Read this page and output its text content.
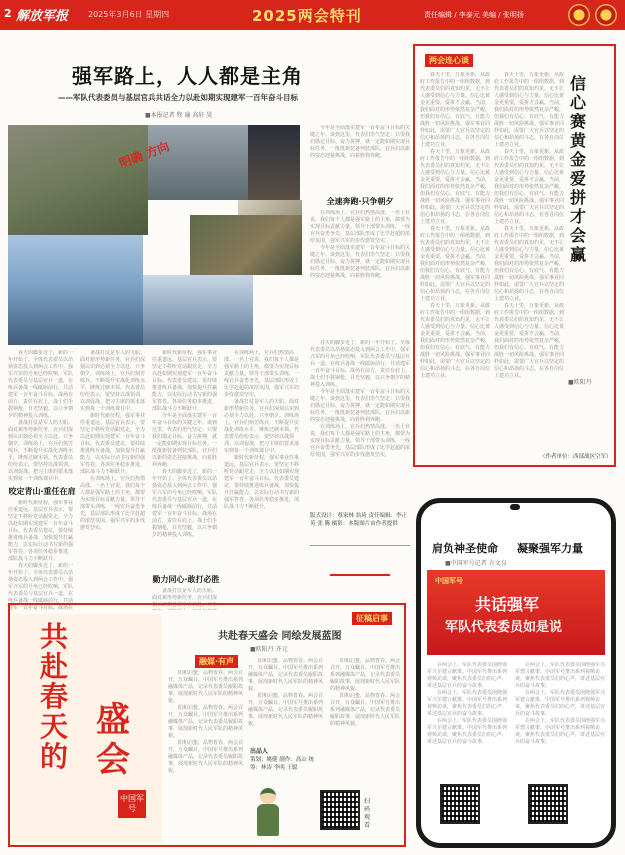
2 解放军报 2025年3月6日 星期四	2025两会特刊	责任编辑 / 李泰元 美编 / 张明扬
强军路上，人人都是主角
——军队代表委员与基层官兵共话全力以赴如期实现建军一百年奋斗目标
■本报记者 程 瑜 高轩 昊
明确 方向
今年是全面落实建军一百年奋斗目标的关键之年。谈到这里，代表们语气坚定：只要我们锚定目标、奋力拼搏，就一定能如期实现目标任务。一批批新装备列装部队，官兵们以新的姿态迎接挑战，向着胜利奔跑。
全速奔跑·只争朝夕
在训练场上，官兵们热情高涨。一名士官说，我们每个人都是强军路上的主角，都要为实现目标贡献力量。领导干部带头训练，一线官兵奋勇争先，基层部队形成了比学赶超的浓厚氛围，强军兴军的步伐愈发坚实。
今年是全面落实建军一百年奋斗目标的关键之年。谈到这里，代表们语气坚定：只要我们锚定目标、奋力拼搏，就一定能如期实现目标任务。一批批新装备列装部队，官兵们以新的姿态迎接挑战，向着胜利奔跑。
春天的脚步近了，新的一年开始了。全体代表委员以昂扬姿态投入到两会工作中。强军兴军的号角已经吹响，军队代表委员与基层官兵一道，在练兵备战一线砥砺前行，共话建军一百年奋斗目标。战场在前方，责任在肩上。战士们手握钢枪，目光坚毅，以只争朝夕的精神投入训练。
备战打仗是军人的天职。面对新形势新任务，官兵们深刻认识到必须全力以赴、只争朝夕。训练场上，官兵们刻苦练兵，不断提升实战化训练水平，锤炼过硬本领。代表委员纷纷表示，要坚持以战领训、以训促战，把习主席的要求落实到每一个训练课目中。
咬定青山·重任在肩
新时代新征程，强军事业任重道远。基层官兵表示，要坚定不移听党话跟党走，全力以赴如期实现建军一百年奋斗目标。代表委员建议，要持续推进练兵备战，加快提升打赢能力，以实际行动书写新的强军答卷。各项任务稳步推进，部队战斗力不断跃升。
春天的脚步近了，新的一年开始了。全体代表委员以昂扬姿态投入到两会工作中。强军兴军的号角已经吹响，军队代表委员与基层官兵一道，在练兵备战一线砥砺前行，共话建军一百年奋斗目标。战场在
备战打仗是军人的天职。面对新形势新任务，官兵们深刻认识到必须全力以赴、只争朝夕。训练场上，官兵们刻苦练兵，不断提升实战化训练水平，锤炼过硬本领。代表委员纷纷表示，要坚持以战领训、以训促战，把习主席的要求落实到每一个训练课目中。
新时代新征程，强军事业任重道远。基层官兵表示，要坚定不移听党话跟党走，全力以赴如期实现建军一百年奋斗目标。代表委员建议，要持续推进练兵备战，加快提升打赢能力，以实际行动书写新的强军答卷。各项任务稳步推进，部队战斗力不断跃升。
在训练场上，官兵们热情高涨。一名士官说，我们每个人都是强军路上的主角，都要为实现目标贡献力量。领导干部带头训练，一线官兵奋勇争先，基层部队形成了比学赶超的浓厚氛围，强军兴军的步伐愈发坚实。
新时代新征程，强军事业任重道远。基层官兵表示，要坚定不移听党话跟党走，全力以赴如期实现建军一百年奋斗目标。代表委员建议，要持续推进练兵备战，加快提升打赢能力，以实际行动书写新的强军答卷。各项任务稳步推进，部队战斗力不断跃升。
今年是全面落实建军一百年奋斗目标的关键之年。谈到这里，代表们语气坚定：只要我们锚定目标、奋力拼搏，就一定能如期实现目标任务。一批批新装备列装部队，官兵们以新的姿态迎接挑战，向着胜利奔跑。
春天的脚步近了，新的一年开始了。全体代表委员以昂扬姿态投入到两会工作中。强军兴军的号角已经吹响，军队代表委员与基层官兵一道，在练兵备战一线砥砺前行，共话建军一百年奋斗目标。战场在前方，责任在肩上。战士们手握钢枪，目光坚毅，以只争朝夕的精神投入训练。
勤力同心·敢打必胜
备战打仗是军人的天职。面对新形势新任务，官兵们深刻认识到必须全力以赴、只争
在训练场上，官兵们热情高涨。一名士官说，我们每个人都是强军路上的主角，都要为实现目标贡献力量。领导干部带头训练，一线官兵奋勇争先，基层部队形成了比学赶超的浓厚氛围，强军兴军的步伐愈发坚实。
备战打仗是军人的天职。面对新形势新任务，官兵们深刻认识到必须全力以赴、只争朝夕。训练场上，官兵们刻苦练兵，不断提升实战化训练水平，锤炼过硬本领。代表委员纷纷表示，要坚持以战领训、以训促战，把习主席的要求落实到每一个训练课目中。
新时代新征程，强军事业任重道远。基层官兵表示，要坚定不移听党话跟党走，全力以赴如期实现建军一百年奋斗目标。代表委员建议，要持续推进练兵备战，加快提升打赢能力，以实际行动书写新的强军答卷。各项任务稳步推进，部队战斗力不断跃升。
春天的脚步近了，新的一年开始了。全体代表委员以昂扬姿态投入到两会工作中。强军兴军的号角已经吹响，军队代表委员与基层官兵一道，在练兵备战一线砥砺前行，共话建军一百年奋斗目标。战场在前方，责任在肩上。战士们手握钢枪，目光坚毅，以只争朝夕的精神投入训练。
今年是全面落实建军一百年奋斗目标的关键之年。谈到这里，代表们语气坚定：只要我们锚定目标、奋力拼搏，就一定能如期实现目标任务。一批批新装备列装部队，官兵们以新的姿态迎接挑战，向着胜利奔跑。
在训练场上，官兵们热情高涨。一名士官说，我们每个人都是强军路上的主角，都要为实现目标贡献力量。领导干部带头训练，一线官兵奋勇争先，基层部队形成了比学赶超的浓厚氛围，强军兴军的步伐愈发坚实。
版式设计：蔡家林 翁琦 责任编辑：李正英 张 腾 摄影：本版图片由作者提供
两会连心谈
信心赛黄金 爱拼才会赢
■欧阳丹
春天十里，万象更新。从政府工作报告中的一组组数据，到代表委员们的真知灼见，无不让人感受到信心与力量。信心比黄金更重要，爱拼才会赢。当前，我们面对的形势依然复杂严峻，但我们有信心、有底气、有能力战胜一切风险挑战。强军事业同样如此，需要广大官兵以坚定的信心和昂扬的斗志，在各自岗位上建功立业。
春天十里，万象更新。从政府工作报告中的一组组数据，到代表委员们的真知灼见，无不让人感受到信心与力量。信心比黄金更重要，爱拼才会赢。当前，我们面对的形势依然复杂严峻，但我们有信心、有底气、有能力战胜一切风险挑战。强军事业同样如此，需要广大官兵以坚定的信心和昂扬的斗志，在各自岗位上建功立业。
春天十里，万象更新。从政府工作报告中的一组组数据，到代表委员们的真知灼见，无不让人感受到信心与力量。信心比黄金更重要，爱拼才会赢。当前，我们面对的形势依然复杂严峻，但我们有信心、有底气、有能力战胜一切风险挑战。强军事业同样如此，需要广大官兵以坚定的信心和昂扬的斗志，在各自岗位上建功立业。
春天十里，万象更新。从政府工作报告中的一组组数据，到代表委员们的真知灼见，无不让人感受到信心与力量。信心比黄金更重要，爱拼才会赢。当前，我们面对的形势依然复杂严峻，但我们有信心、有底气、有能力战胜一切风险挑战。强军事业同样如此，需要广大官兵以坚定的信心和昂扬的斗志，在各自岗位上建功立业。
春天十里，万象更新。从政府工作报告中的一组组数据，到代表委员们的真知灼见，无不让人感受到信心与力量。信心比黄金更重要，爱拼才会赢。当前，我们面对的形势依然复杂严峻，但我们有信心、有底气、有能力战胜一切风险挑战。强军事业同样如此，需要广大官兵以坚定的信心和昂扬的斗志，在各自岗位上建功立业。
春天十里，万象更新。从政府工作报告中的一组组数据，到代表委员们的真知灼见，无不让人感受到信心与力量。信心比黄金更重要，爱拼才会赢。当前，我们面对的形势依然复杂严峻，但我们有信心、有底气、有能力战胜一切风险挑战。强军事业同样如此，需要广大官兵以坚定的信心和昂扬的斗志，在各自岗位上建功立业。
春天十里，万象更新。从政府工作报告中的一组组数据，到代表委员们的真知灼见，无不让人感受到信心与力量。信心比黄金更重要，爱拼才会赢。当前，我们面对的形势依然复杂严峻，但我们有信心、有底气、有能力战胜一切风险挑战。强军事业同样如此，需要广大官兵以坚定的信心和昂扬的斗志，在各自岗位上建功立业。
春天十里，万象更新。从政府工作报告中的一组组数据，到代表委员们的真知灼见，无不让人感受到信心与力量。信心比黄金更重要，爱拼才会赢。当前，我们面对的形势依然复杂严峻，但我们有信心、有底气、有能力战胜一切风险挑战。强军事业同样如此，需要广大官兵以坚定的信心和昂扬的斗志，在各自岗位上建功立业。
（作者单位：西部战区空军）
征稿启事
共
赴
春
天
的
盛会
中国军号
共赴春天盛会 同绘发展蓝图
■欧阳丹 齐元
融媒·有声
阳和启蛰，品物皆春。两会召开，万众瞩目。中国军号推出系列融媒体产品，记录代表委员履职故事，展现新时代人民军队的精神风貌。
阳和启蛰，品物皆春。两会召开，万众瞩目。中国军号推出系列融媒体产品，记录代表委员履职故事，展现新时代人民军队的精神风貌。
阳和启蛰，品物皆春。两会召开，万众瞩目。中国军号推出系列融媒体产品，记录代表委员履职故事，展现新时代人民军队的精神风貌。
阳和启蛰，品物皆春。两会召开，万众瞩目。中国军号推出系列融媒体产品，记录代表委员履职故事，展现新时代人民军队的精神风貌。
阳和启蛰，品物皆春。两会召开，万众瞩目。中国军号推出系列融媒体产品，记录代表委员履职故事，展现新时代人民军队的精神风貌。
出品人
策划：姚健 制作：高山 统筹：林涛 李明 王聪
阳和启蛰，品物皆春。两会召开，万众瞩目。中国军号推出系列融媒体产品，记录代表委员履职故事，展现新时代人民军队的精神风貌。
阳和启蛰，品物皆春。两会召开，万众瞩目。中国军号推出系列融媒体产品，记录代表委员履职故事，展现新时代人民军队的精神风貌。
扫码观看
肩负神圣使命 凝聚强军力量
■中国军号记者 方文良
中国军号
共话强军
军队代表委员如是说
在两会上，军队代表委员围绕强军兴军建言献策。中国军号推出系列视频访谈，聚焦代表委员们的心声，讲述基层官兵的奋斗故事。
在两会上，军队代表委员围绕强军兴军建言献策。中国军号推出系列视频访谈，聚焦代表委员们的心声，讲述基层官兵的奋斗故事。
在两会上，军队代表委员围绕强军兴军建言献策。中国军号推出系列视频访谈，聚焦代表委员们的心声，讲述基层官兵的奋斗故事。
在两会上，军队代表委员围绕强军兴军建言献策。中国军号推出系列视频访谈，聚焦代表委员们的心声，讲述基层官兵的奋斗故事。
在两会上，军队代表委员围绕强军兴军建言献策。中国军号推出系列视频访谈，聚焦代表委员们的心声，讲述基层官兵的奋斗故事。
在两会上，军队代表委员围绕强军兴军建言献策。中国军号推出系列视频访谈，聚焦代表委员们的心声，讲述基层官兵的奋斗故事。
